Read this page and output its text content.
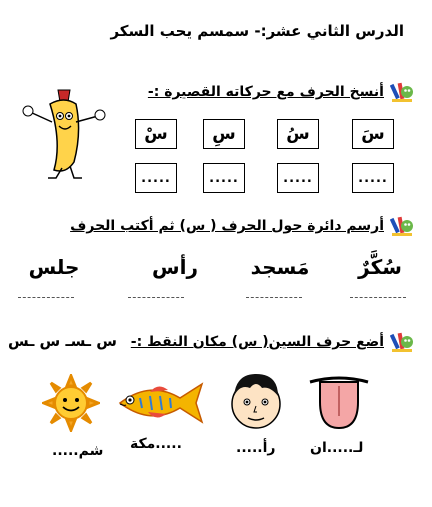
الدرس الثاني عشر:- سمسم يحب السكر
أنسخ الحرف مع حركاته القصيرة :-
سَ
سُ
سِ
سْ
.....
.....
.....
.....
أرسم دائرة حول الحرف ( س) ثم أكتب الحرف
سُكَّرٌ
مَسجد
رأس
جلس
أضع حرف السين( س) مكان النقط :-
س ـسـ س ـس
لـ.....ان
رأ.....
.....مكة
شم.....
